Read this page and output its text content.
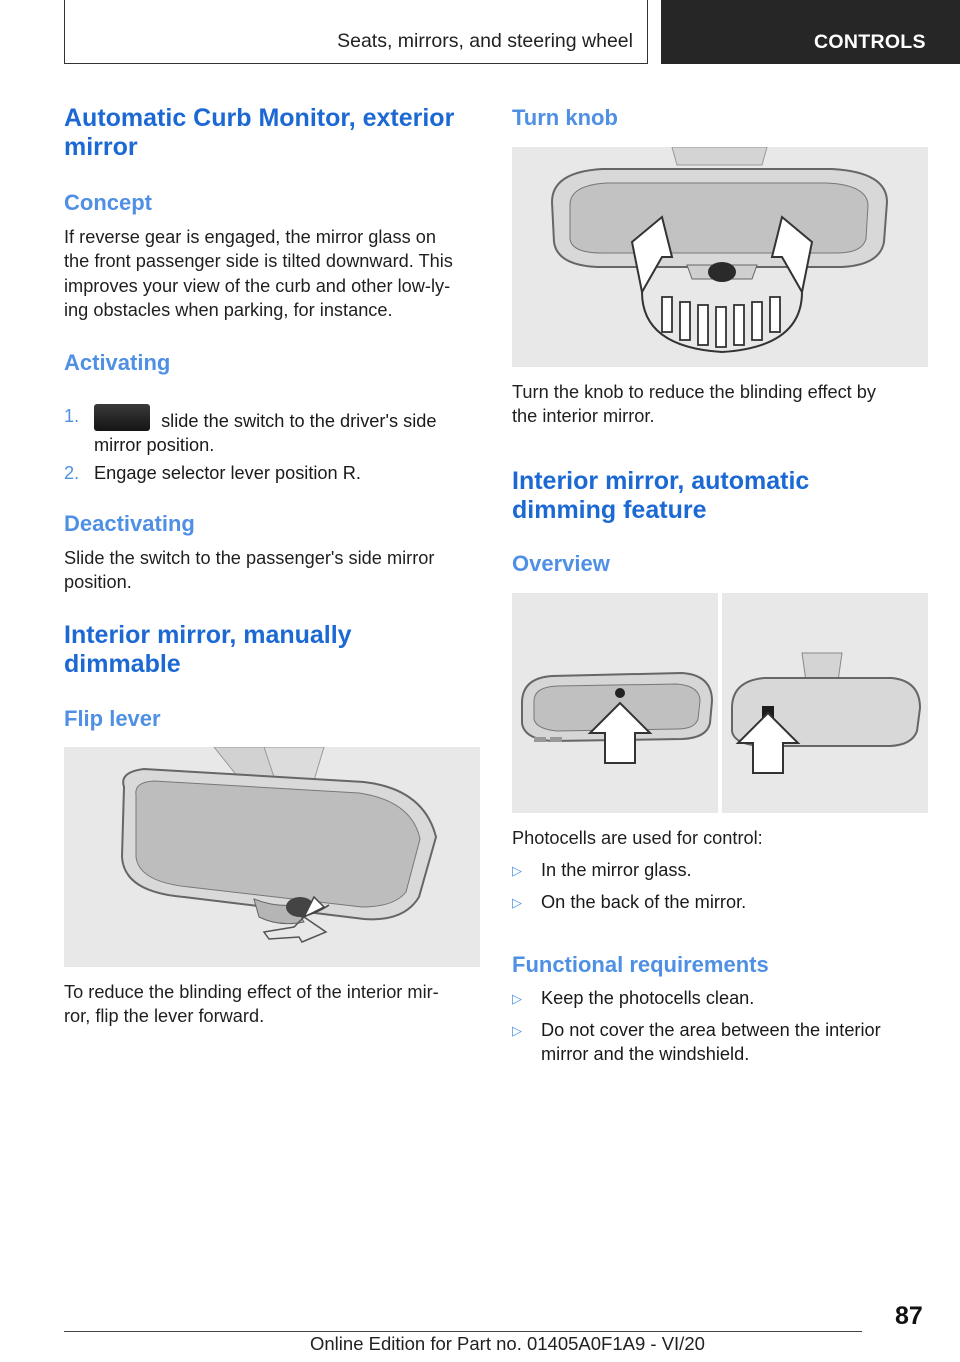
Seats, mirrors, and steering wheel	CONTROLS
Automatic Curb Monitor, exterior
mirror
Concept
If reverse gear is engaged, the mirror glass on
the front passenger side is tilted downward. This
improves your view of the curb and other low-ly‐
ing obstacles when parking, for instance.
Activating
1.	slide the switch to the driver's side
mirror position.
2. Engage selector lever position R.
Deactivating
Slide the switch to the passenger's side mirror
position.
Interior mirror, manually
dimmable
Flip lever
To reduce the blinding effect of the interior mir‐
ror, flip the lever forward.
Turn knob
Turn the knob to reduce the blinding effect by
the interior mirror.
Interior mirror, automatic
dimming feature
Overview
Photocells are used for control:
▷ In the mirror glass.
▷ On the back of the mirror.
Functional requirements
▷ Keep the photocells clean.
▷ Do not cover the area between the interior
mirror and the windshield.
87
Online Edition for Part no. 01405A0F1A9 - VI/20
